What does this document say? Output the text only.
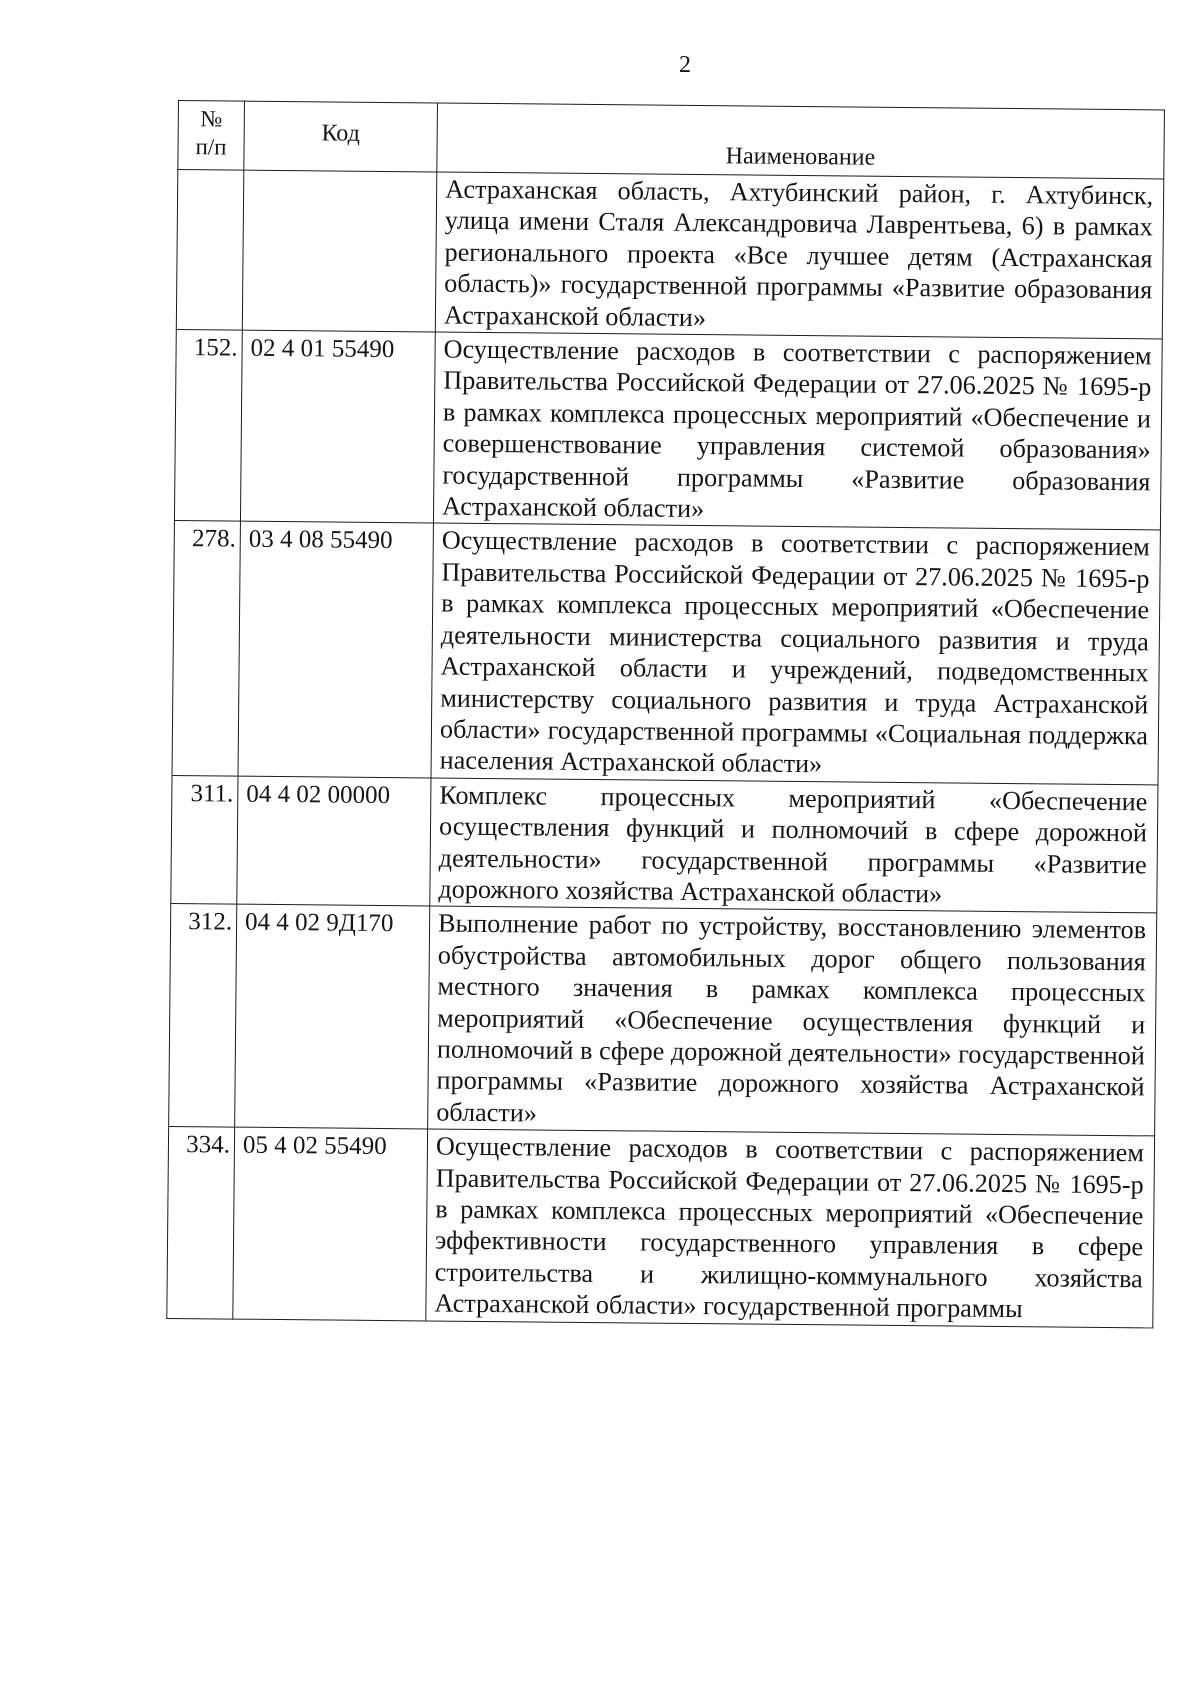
2
№
п/п	Код	Наименование
		Астраханская область, Ахтубинский район, г. Ахтубинск, улица имени Сталя Александровича Лаврентьева, 6) в рамках регионального проекта «Все лучшее детям (Астраханская область)» государственной программы «Развитие образования Астраханской области»
152.	02 4 01 55490	Осуществление расходов в соответствии с распоряжением Правительства Российской Федерации от 27.06.2025 № 1695-р в рамках комплекса процессных мероприятий «Обеспечение и совершенствование управления системой образования» государственной программы «Развитие образования Астраханской области»
278.	03 4 08 55490	Осуществление расходов в соответствии с распоряжением Правительства Российской Федерации от 27.06.2025 № 1695-р в рамках комплекса процессных мероприятий «Обеспечение деятельности министерства социального развития и труда Астраханской области и учреждений, подведомственных министерству социального развития и труда Астраханской области» государственной программы «Социальная поддержка населения Астраханской области»
311.	04 4 02 00000	Комплекс процессных мероприятий «Обеспечение осуществления функций и полномочий в сфере дорожной деятельности» государственной программы «Развитие дорожного хозяйства Астраханской области»
312.	04 4 02 9Д170	Выполнение работ по устройству, восстановлению элементов обустройства автомобильных дорог общего пользования местного значения в рамках комплекса процессных мероприятий «Обеспечение осуществления функций и полномочий в сфере дорожной деятельности» государственной программы «Развитие дорожного хозяйства Астраханской области»
334.	05 4 02 55490	Осуществление расходов в соответствии с распоряжением Правительства Российской Федерации от 27.06.2025 № 1695-р в рамках комплекса процессных мероприятий «Обеспечение эффективности государственного управления в сфере строительства и жилищно-коммунального хозяйства Астраханской области» государственной программы
